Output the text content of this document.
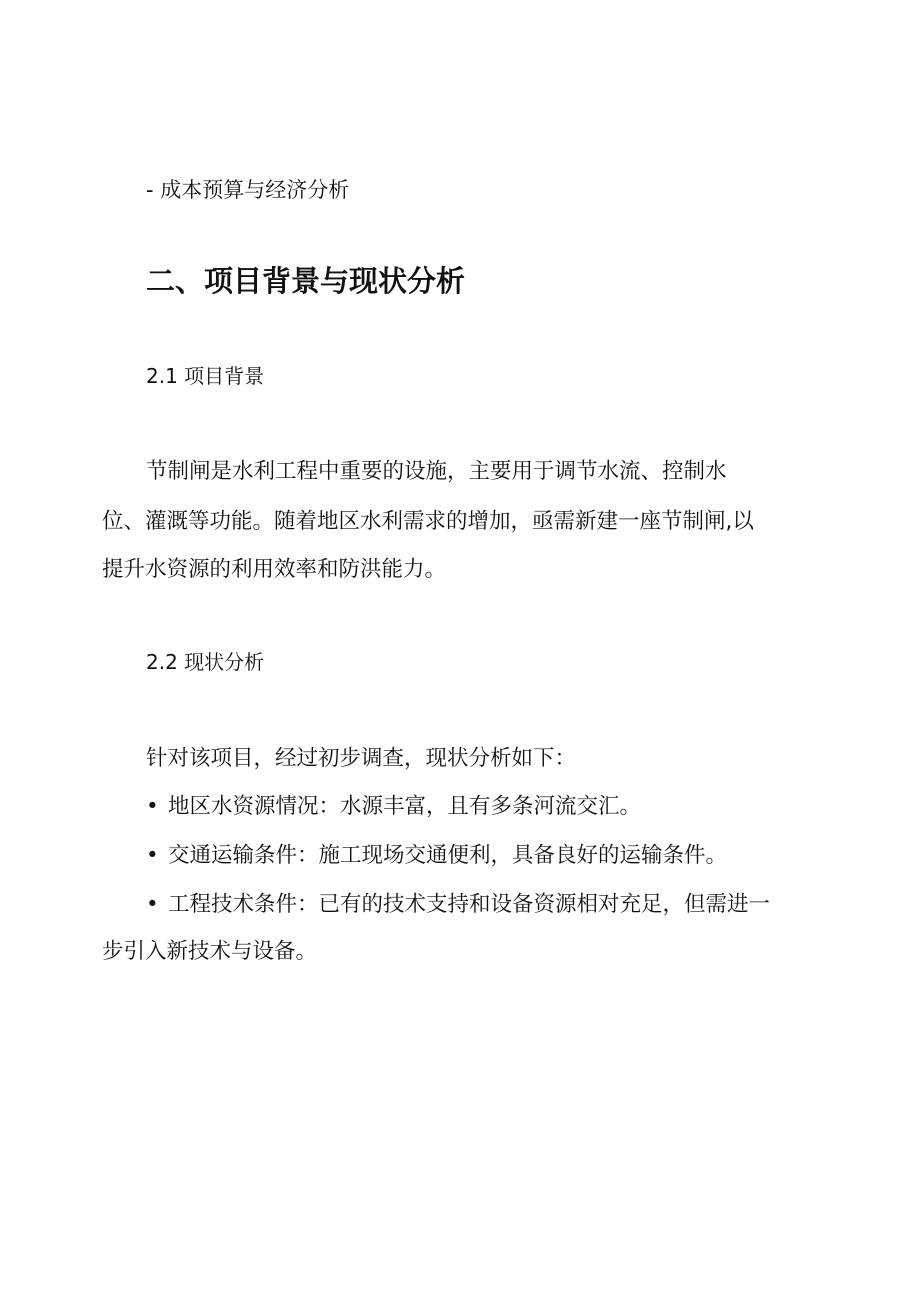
- 成本预算与经济分析

二、项目背景与现状分析

2.1 项目背景

节制闸是水利工程中重要的设施，主要用于调节水流、控制水

位、灌溉等功能。随着地区水利需求的增加，亟需新建一座节制闸,以

提升水资源的利用效率和防洪能力。

2.2 现状分析

针对该项目，经过初步调查，现状分析如下：

• 地区水资源情况：水源丰富，且有多条河流交汇。

• 交通运输条件：施工现场交通便利，具备良好的运输条件。

• 工程技术条件：已有的技术支持和设备资源相对充足，但需进一

步引入新技术与设备。
